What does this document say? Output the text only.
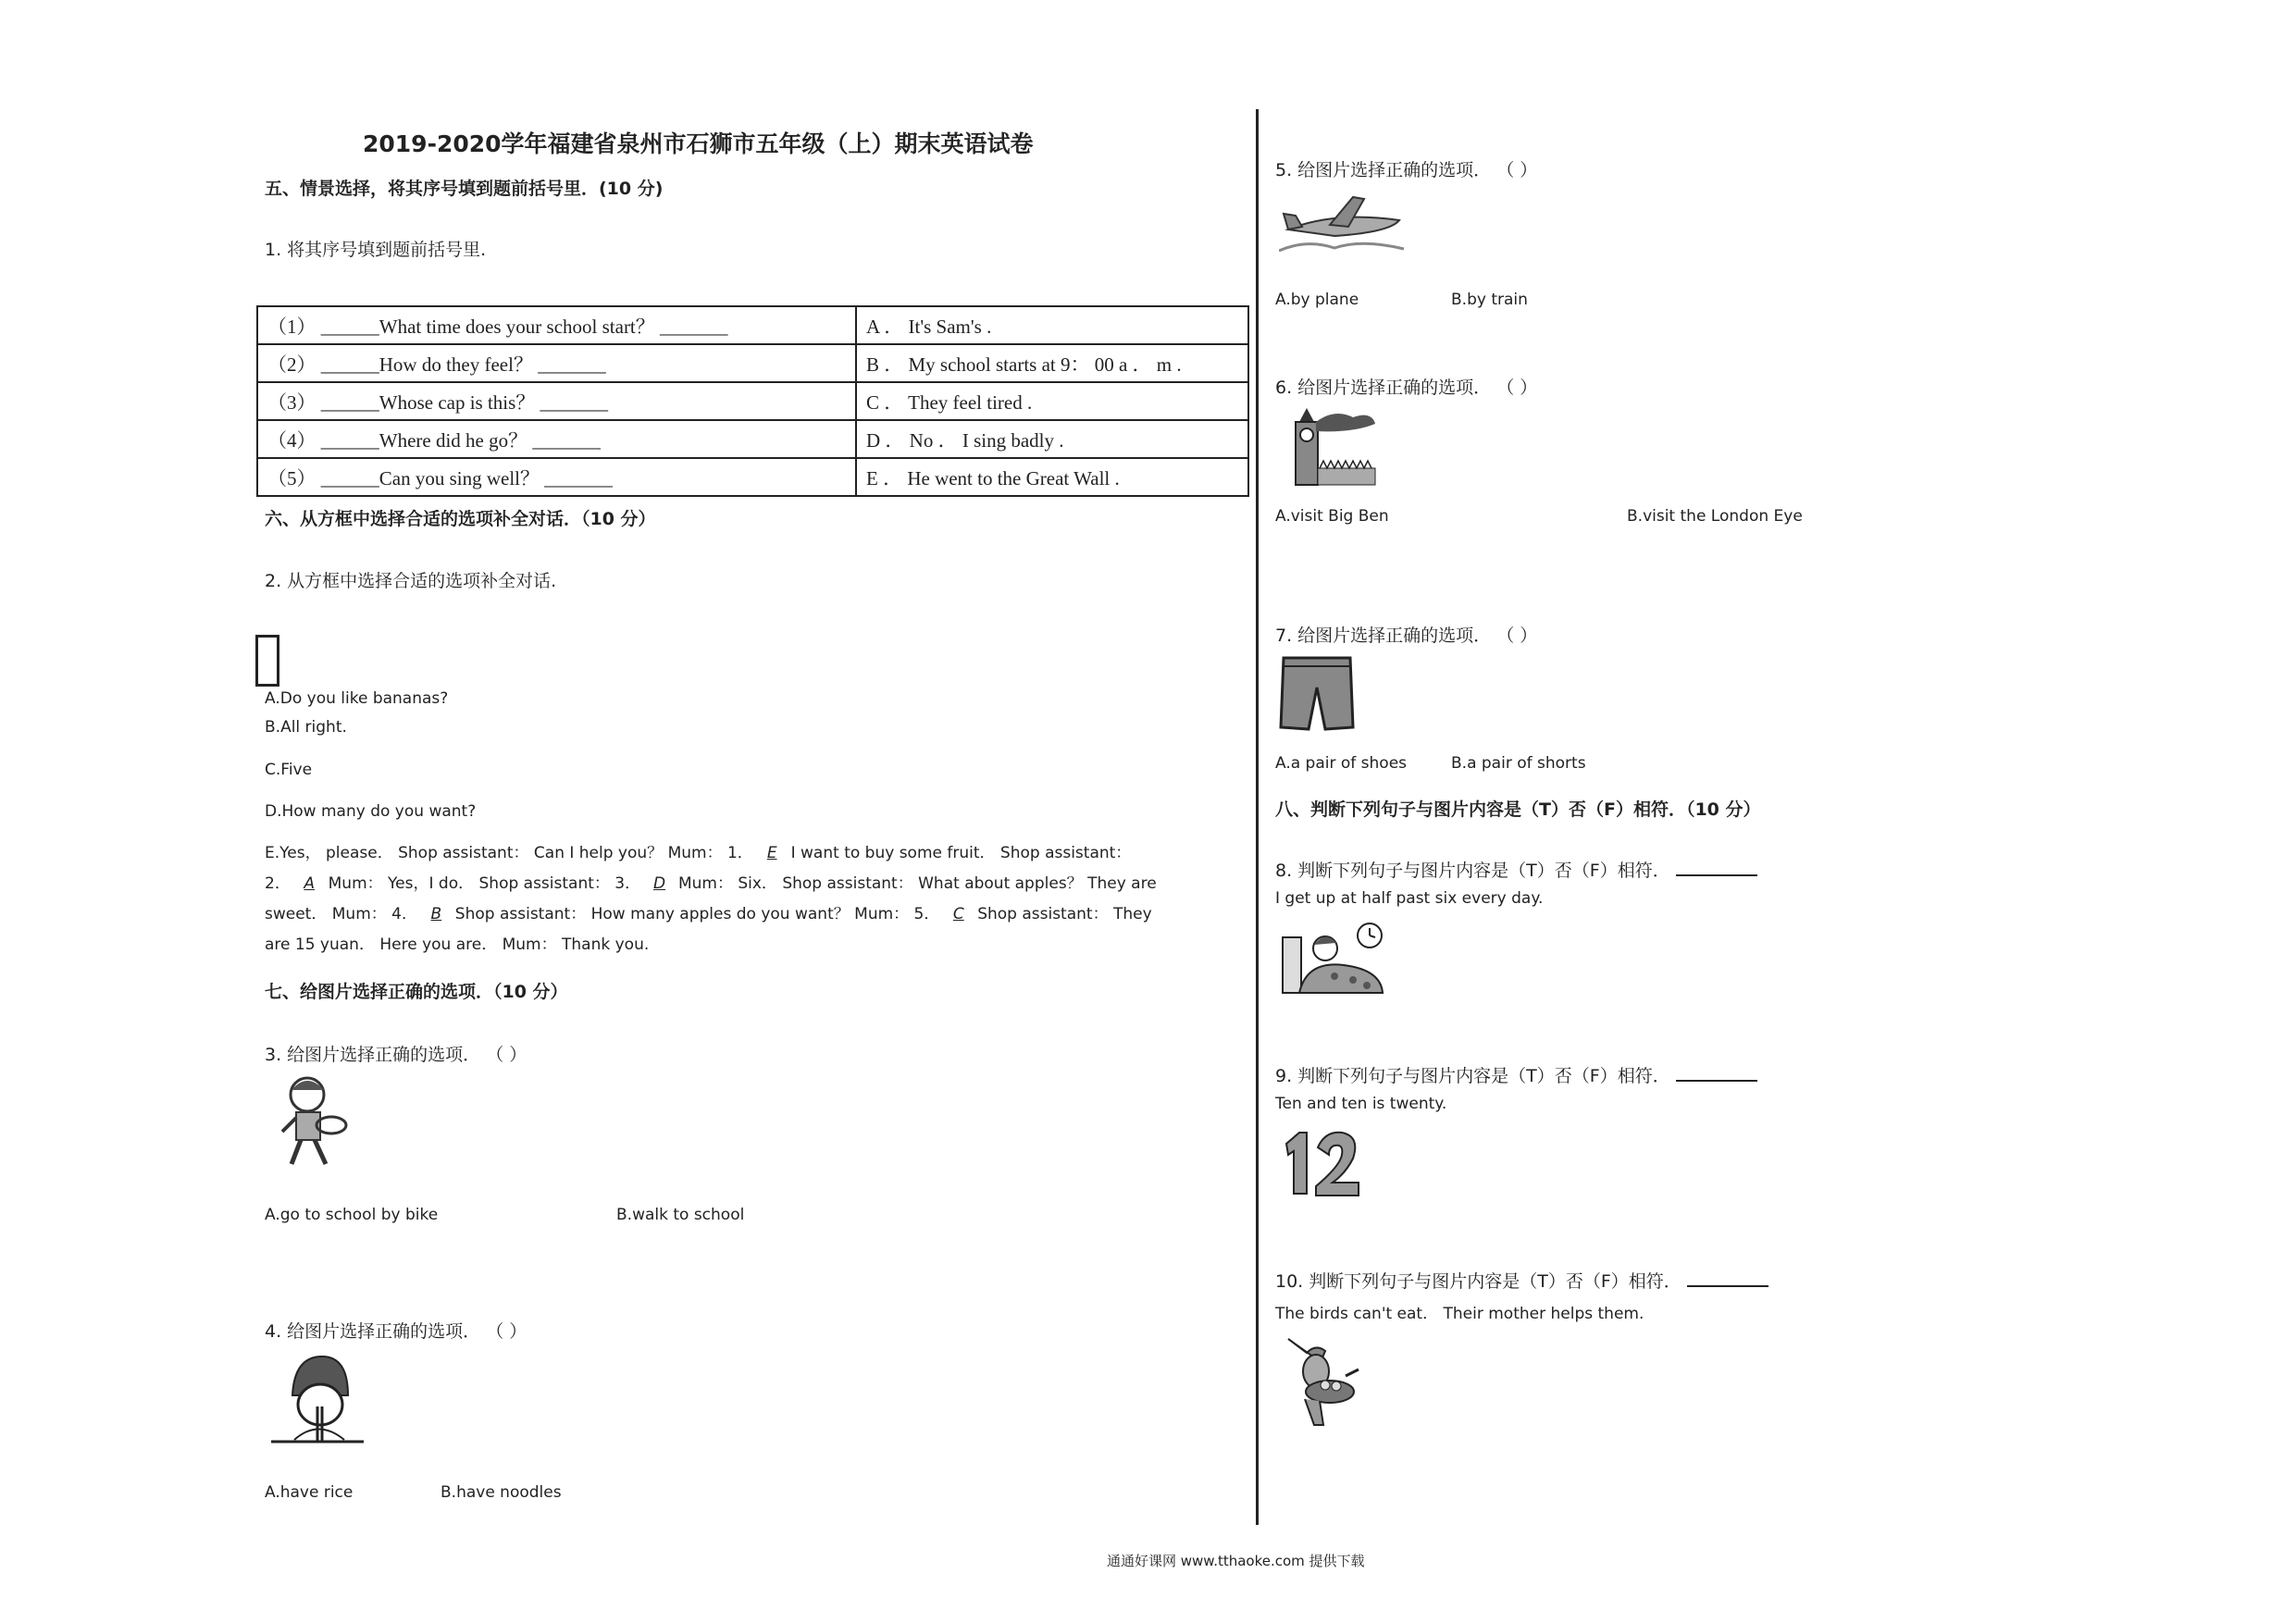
2019-2020学年福建省泉州市石狮市五年级（上）期末英语试卷
五、情景选择，将其序号填到题前括号里．(10 分)
1. 将其序号填到题前括号里.
（1） ______What time does your school start？ _______	A ． It's Sam's .
（2） ______How do they feel？ _______	B ． My school starts at 9： 00 a ． m .
（3） ______Whose cap is this？ _______	C ． They feel tired .
（4） ______Where did he go？ _______	D ． No ． I sing badly .
（5） ______Can you sing well？ _______	E ． He went to the Great Wall .
六、从方框中选择合适的选项补全对话．（10 分）
2. 从方框中选择合适的选项补全对话.
A.Do you like bananas?
B.All right.
C.Five
D.How many do you want?
E.Yes， please． Shop assistant： Can I help you？ Mum： 1． E I want to buy some fruit． Shop assistant：
2． A Mum： Yes，I do． Shop assistant： 3． D Mum： Six． Shop assistant： What about apples？ They are
sweet． Mum： 4． B Shop assistant： How many apples do you want？ Mum： 5． C Shop assistant： They
are 15 yuan． Here you are． Mum： Thank you.
七、给图片选择正确的选项．（10 分）
3. 给图片选择正确的选项． （ ）
A.go to school by bike	B.walk to school
4. 给图片选择正确的选项． （ ）
A.have rice	B.have noodles
5. 给图片选择正确的选项． （ ）
A.by plane	B.by train
6. 给图片选择正确的选项． （ ）
A.visit Big Ben	B.visit the London Eye
7. 给图片选择正确的选项． （ ）
A.a pair of shoes	B.a pair of shorts
八、判断下列句子与图片内容是（T）否（F）相符．（10 分）
8. 判断下列句子与图片内容是（T）否（F）相符．
I get up at half past six every day.
9. 判断下列句子与图片内容是（T）否（F）相符．
Ten and ten is twenty.
10. 判断下列句子与图片内容是（T）否（F）相符．
The birds can't eat． Their mother helps them.
通通好课网 www.tthaoke.com 提供下载
